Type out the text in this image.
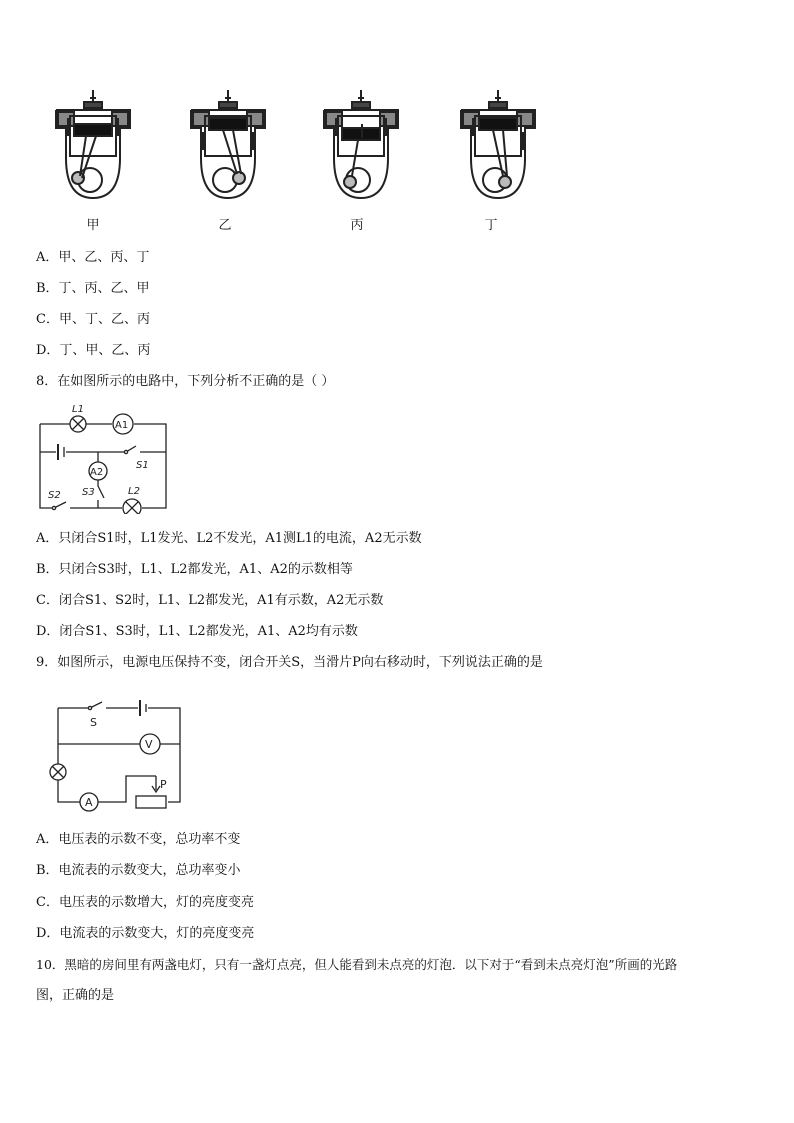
甲	乙	丙	丁
A．甲、乙、丙、丁
B．丁、丙、乙、甲
C．甲、丁、乙、丙
D．丁、甲、乙、丙
8．在如图所示的电路中，下列分析不正确的是（ ）
L1
A1
S1
A2
S3	L2
S2
A．只闭合S1时，L1发光、L2不发光，A1测L1的电流，A2无示数
B．只闭合S3时，L1、L2都发光，A1、A2的示数相等
C．闭合S1、S2时，L1、L2都发光，A1有示数，A2无示数
D．闭合S1、S3时，L1、L2都发光，A1、A2均有示数
9．如图所示，电源电压保持不变，闭合开关S，当滑片P向右移动时，下列说法正确的是
S
V
A
P
A．电压表的示数不变，总功率不变
B．电流表的示数变大，总功率变小
C．电压表的示数增大，灯的亮度变亮
D．电流表的示数变大，灯的亮度变亮
10．黑暗的房间里有两盏电灯，只有一盏灯点亮，但人能看到未点亮的灯泡．以下对于“看到未点亮灯泡”所画的光路
图，正确的是
